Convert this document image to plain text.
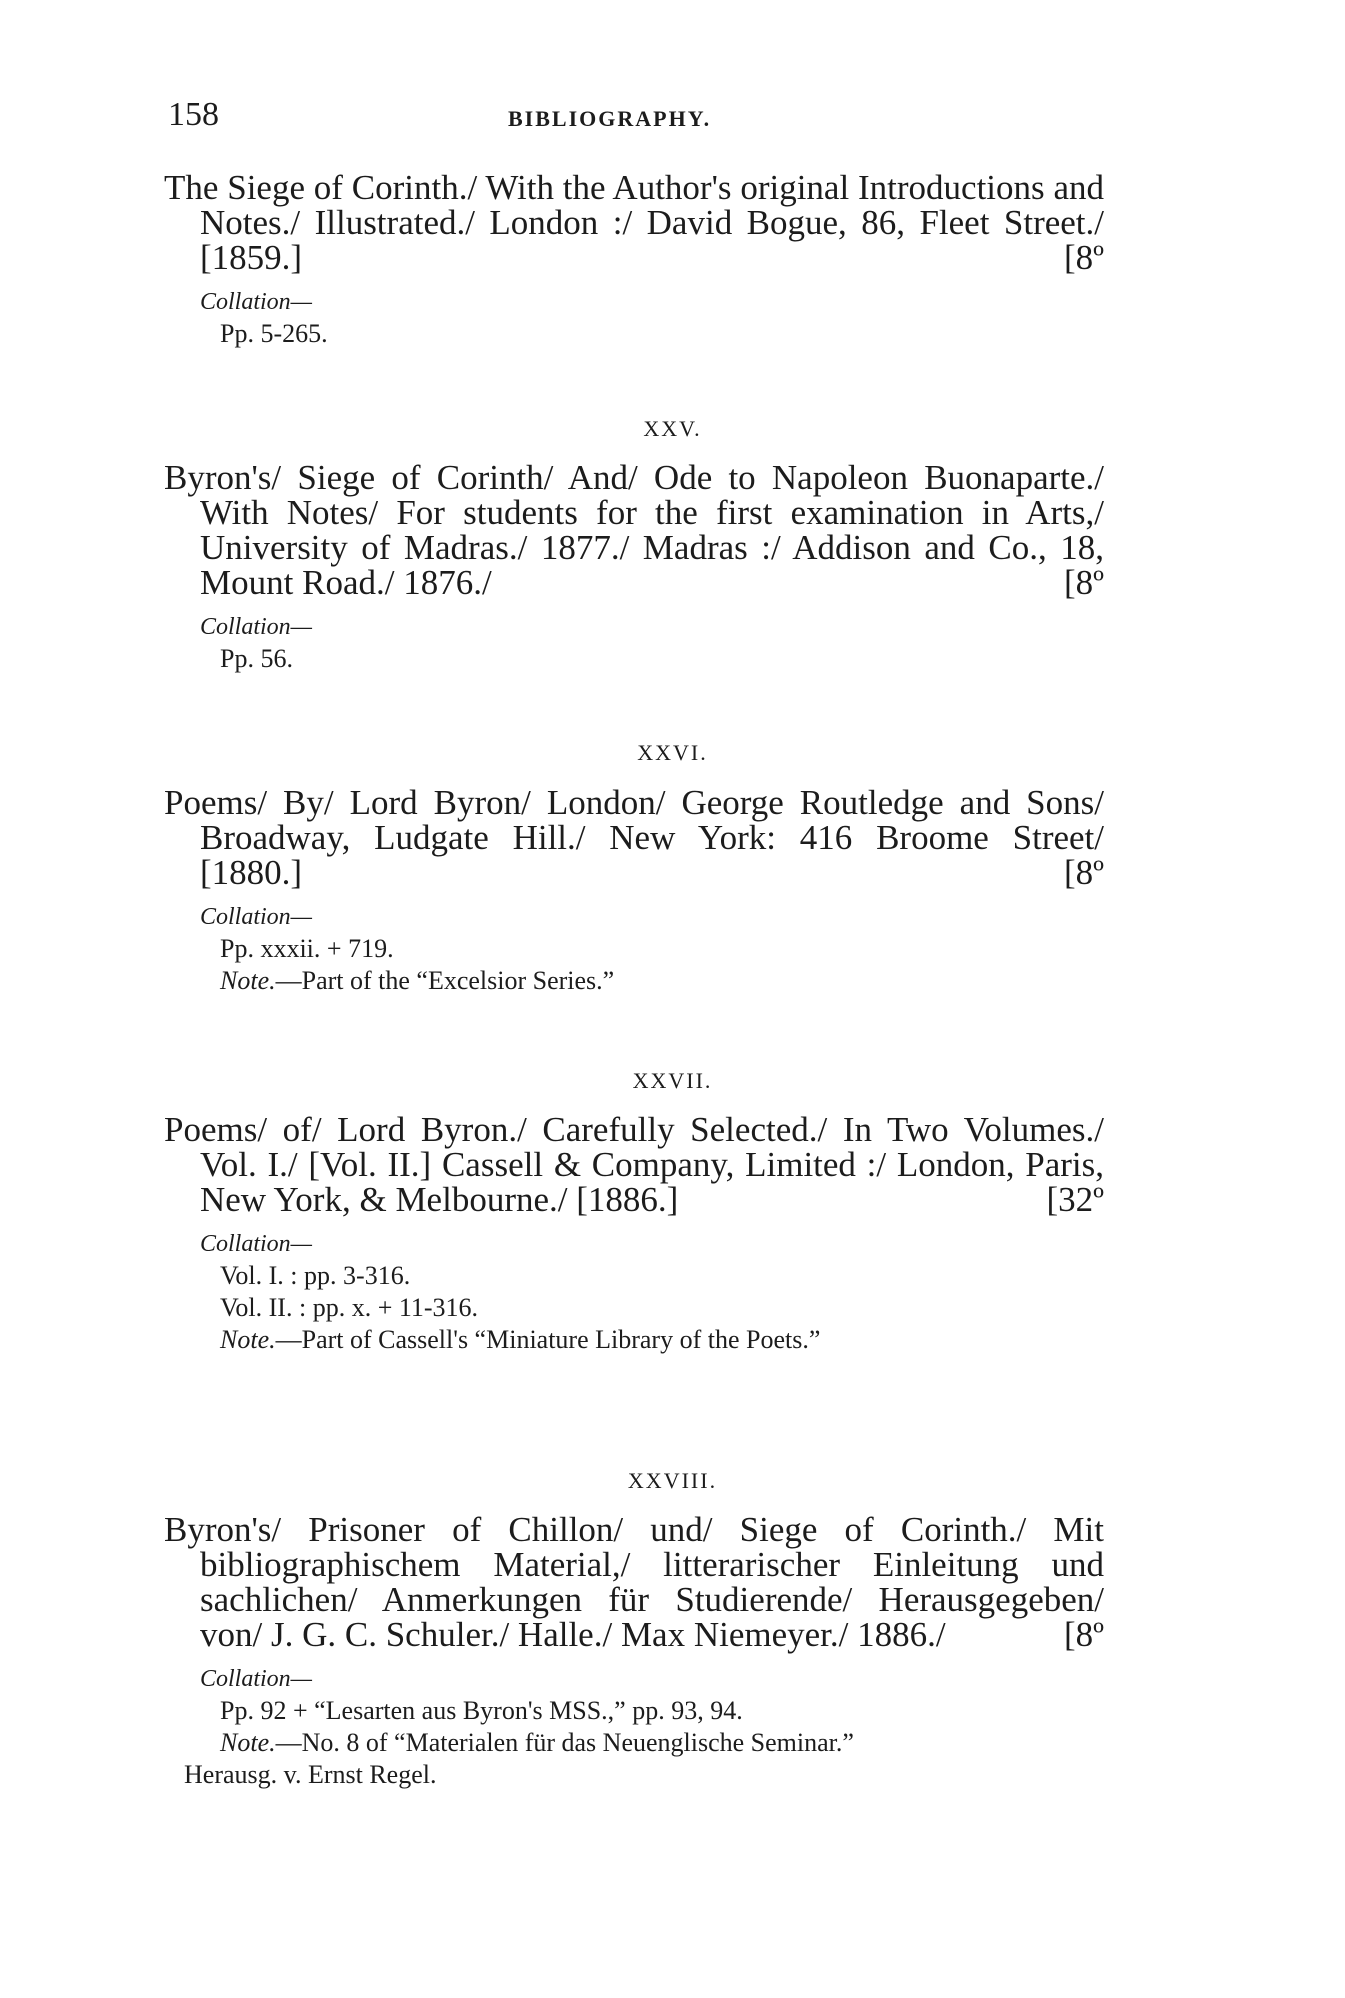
158	BIBLIOGRAPHY.

The Siege of Corinth./ With the Author's original Introductions and Notes./ Illustrated./ London :/ David Bogue, 86, Fleet Street./ [1859.]	[8º

Collation—
Pp. 5-265.
XXV.

Byron's/ Siege of Corinth/ And/ Ode to Napoleon Buonaparte./ With Notes/ For students for the first examination in Arts,/ University of Madras./ 1877./ Madras :/ Addison and Co., 18, Mount Road./ 1876./	[8º

Collation—
Pp. 56.
XXVI.

Poems/ By/ Lord Byron/ London/ George Routledge and Sons/ Broadway, Ludgate Hill./ New York: 416 Broome Street/ [1880.]	[8º

Collation—
Pp. xxxii. + 719.
Note.—Part of the “Excelsior Series.”
XXVII.

Poems/ of/ Lord Byron./ Carefully Selected./ In Two Volumes./ Vol. I./ [Vol. II.] Cassell & Company, Limited :/ London, Paris, New York, & Melbourne./ [1886.]	[32º

Collation—
Vol. I. : pp. 3-316.
Vol. II. : pp. x. + 11-316.
Note.—Part of Cassell's “Miniature Library of the Poets.”
XXVIII.

Byron's/ Prisoner of Chillon/ und/ Siege of Corinth./ Mit bibliographischem Material,/ litterarischer Einleitung und sachlichen/ Anmerkungen für Studierende/ Herausgegeben/ von/ J. G. C. Schuler./ Halle./ Max Niemeyer./ 1886./	[8º

Collation—
Pp. 92 + “Lesarten aus Byron's MSS.,” pp. 93, 94.
Note.—No. 8 of “Materialen für das Neuenglische Seminar.”
Herausg. v. Ernst Regel.
